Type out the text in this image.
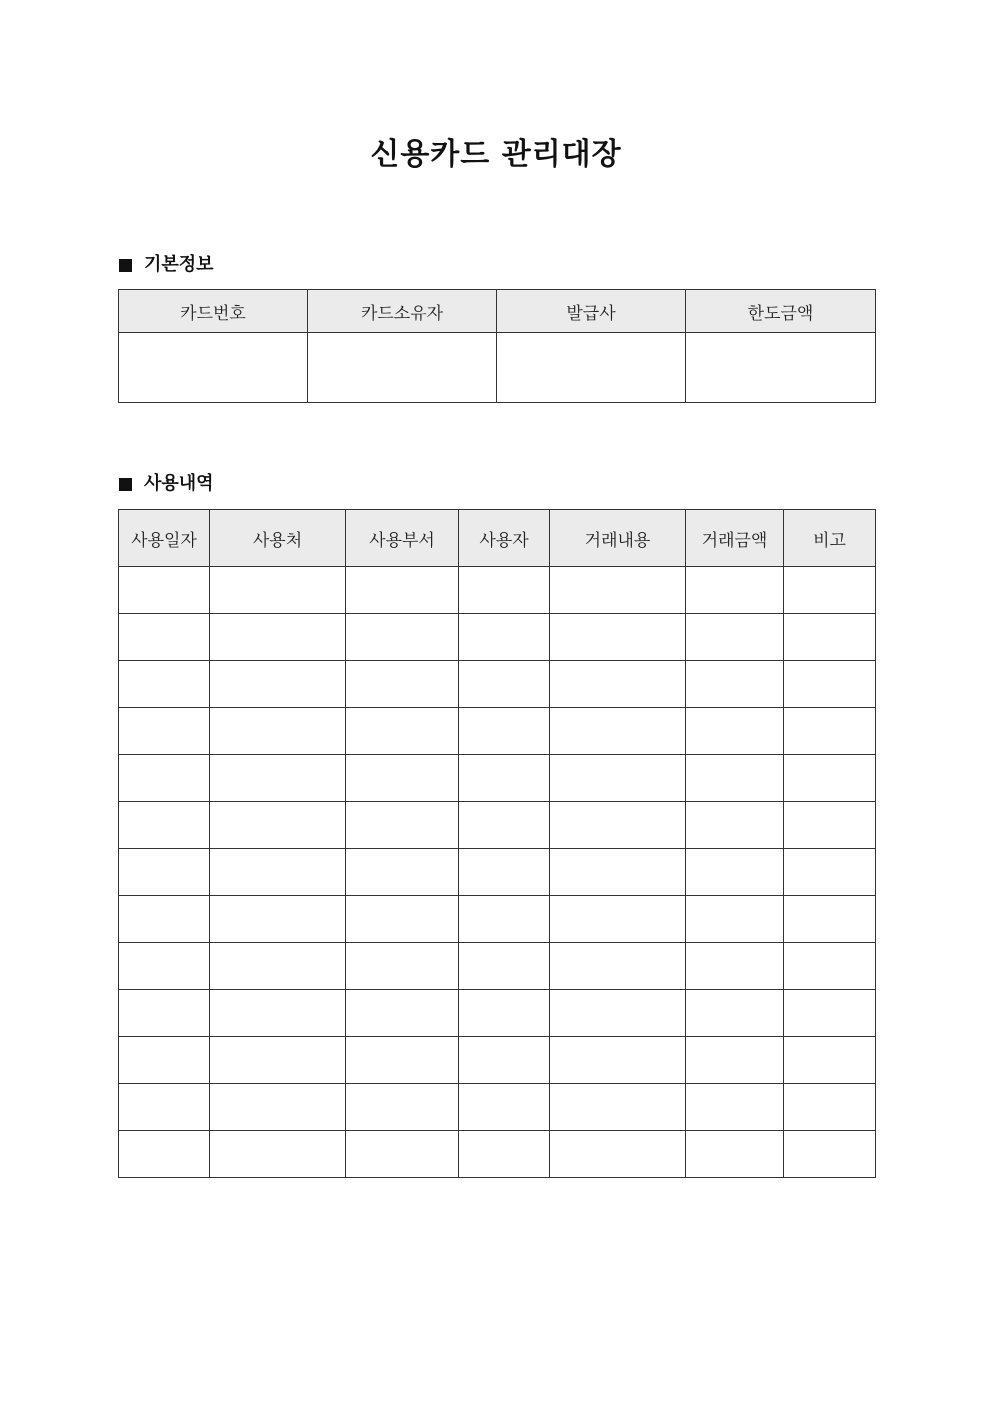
신용카드 관리대장
기본정보
카드번호	카드소유자	발급사	한도금액

사용내역
사용일자	사용처	사용부서	사용자	거래내용	거래금액	비고
